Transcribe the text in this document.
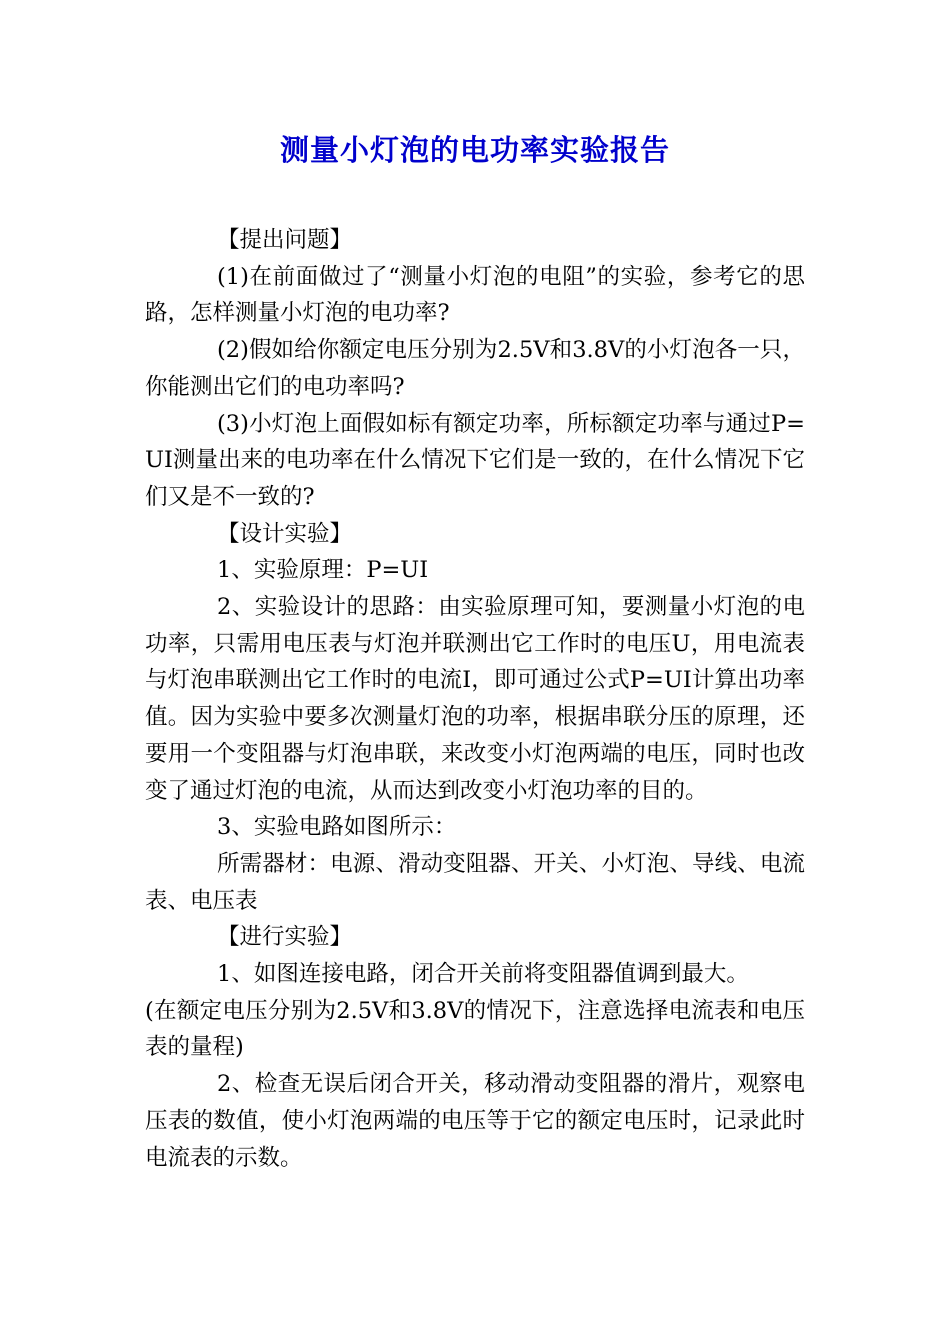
测量小灯泡的电功率实验报告

【提出问题】

(1)在前面做过了“测量小灯泡的电阻”的实验，参考它的思路，怎样测量小灯泡的电功率?

(2)假如给你额定电压分别为2.5V和3.8V的小灯泡各一只，你能测出它们的电功率吗?

(3)小灯泡上面假如标有额定功率，所标额定功率与通过P=UI测量出来的电功率在什么情况下它们是一致的，在什么情况下它们又是不一致的?

【设计实验】

1、实验原理：P=UI

2、实验设计的思路：由实验原理可知，要测量小灯泡的电功率，只需用电压表与灯泡并联测出它工作时的电压U，用电流表与灯泡串联测出它工作时的电流I，即可通过公式P=UI计算出功率值。因为实验中要多次测量灯泡的功率，根据串联分压的原理，还要用一个变阻器与灯泡串联，来改变小灯泡两端的电压，同时也改变了通过灯泡的电流，从而达到改变小灯泡功率的目的。

3、实验电路如图所示：

所需器材：电源、滑动变阻器、开关、小灯泡、导线、电流表、电压表

【进行实验】

1、如图连接电路，闭合开关前将变阻器值调到最大。

(在额定电压分别为2.5V和3.8V的情况下，注意选择电流表和电压表的量程)

2、检查无误后闭合开关，移动滑动变阻器的滑片，观察电压表的数值，使小灯泡两端的电压等于它的额定电压时，记录此时电流表的示数。
